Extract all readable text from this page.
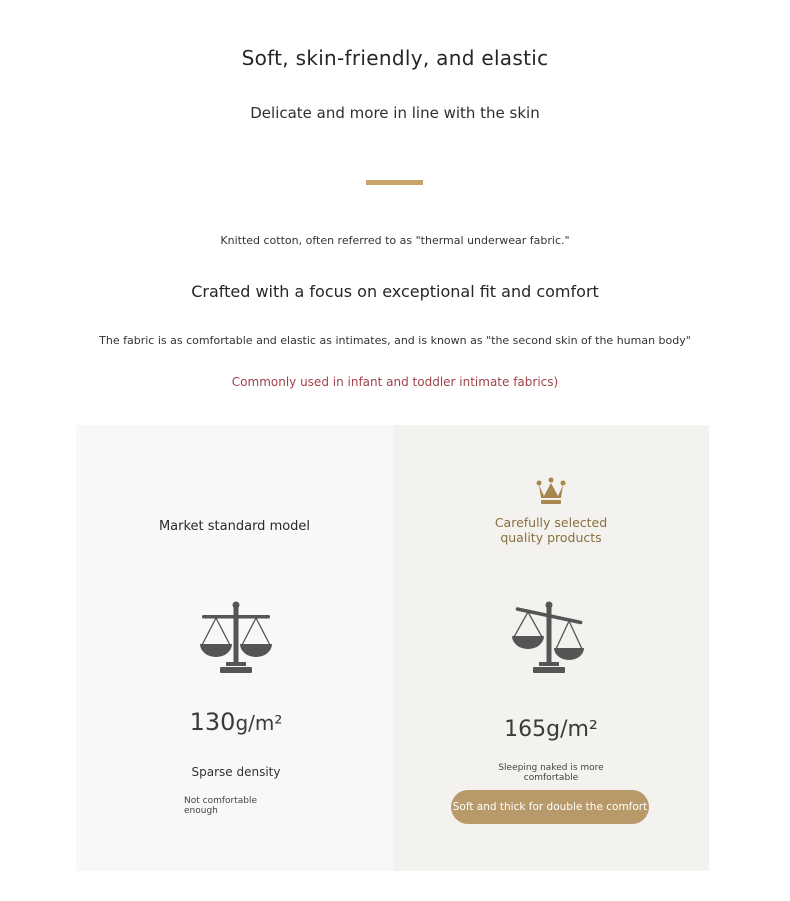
Soft, skin-friendly, and elastic
Delicate and more in line with the skin
Knitted cotton, often referred to as "thermal underwear fabric."
Crafted with a focus on exceptional fit and comfort
The fabric is as comfortable and elastic as intimates, and is known as "the second skin of the human body"
Commonly used in infant and toddler intimate fabrics)
Market standard model
130g/m²
Sparse density
Not comfortable enough
Carefully selected
quality products
165g/m²
Sleeping naked is more
comfortable
Soft and thick for double the comfort
